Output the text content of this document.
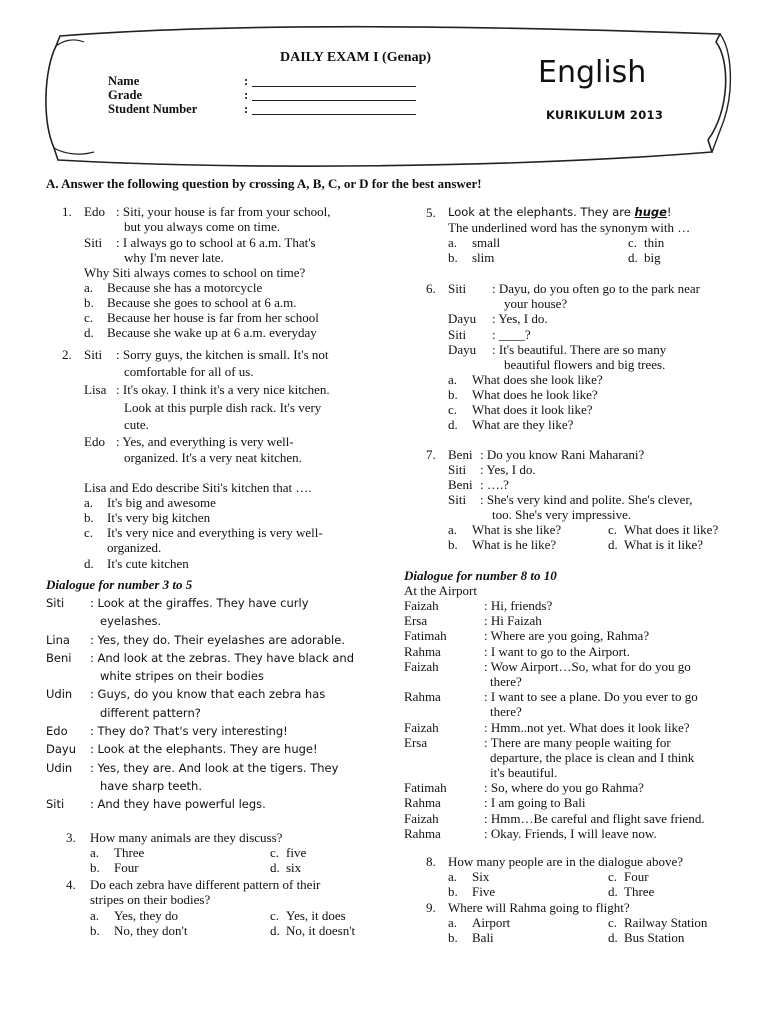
DAILY EXAM I (Genap)	English
KURIKULUM 2013
Name	:
Grade	:
Student Number	:
A. Answer the following question by crossing A, B, C, or D for the best answer!
1. Edo : Siti, your house is far from your school,
but you always come on time.
Siti : I always go to school at 6 a.m. That's
why I'm never late.
Why Siti always comes to school on time?
a. Because she has a motorcycle
b. Because she goes to school at 6 a.m.
c. Because her house is far from her school
d. Because she wake up at 6 a.m. everyday
2. Siti : Sorry guys, the kitchen is small. It's not
comfortable for all of us.
Lisa : It's okay. I think it's a very nice kitchen.
Look at this purple dish rack. It's very
cute.
Edo : Yes, and everything is very well-
organized. It's a very neat kitchen.
Lisa and Edo describe Siti's kitchen that ….
a. It's big and awesome
b. It's very big kitchen
c. It's very nice and everything is very well-
organized.
d. It's cute kitchen
Dialogue for number 3 to 5
Siti : Look at the giraffes. They have curly
eyelashes.
Lina : Yes, they do. Their eyelashes are adorable.
Beni : And look at the zebras. They have black and
white stripes on their bodies
Udin : Guys, do you know that each zebra has
different pattern?
Edo : They do? That's very interesting!
Dayu : Look at the elephants. They are huge!
Udin : Yes, they are. And look at the tigers. They
have sharp teeth.
Siti : And they have powerful legs.
3. How many animals are they discuss?
a. Three	c. five
b. Four	d. six
4. Do each zebra have different pattern of their
stripes on their bodies?
a. Yes, they do	c. Yes, it does
b. No, they don't	d. No, it doesn't
5. Look at the elephants. They are huge!
The underlined word has the synonym with …
a. small	c. thin
b. slim	d. big
6. Siti : Dayu, do you often go to the park near
your house?
Dayu : Yes, I do.
Siti : ____?
Dayu : It's beautiful. There are so many
beautiful flowers and big trees.
a. What does she look like?
b. What does he look like?
c. What does it look like?
d. What are they like?
7. Beni : Do you know Rani Maharani?
Siti : Yes, I do.
Beni : ….?
Siti : She's very kind and polite. She's clever,
too. She's very impressive.
a. What is she like?	c. What does it like?
b. What is he like?	d. What is it like?
Dialogue for number 8 to 10
At the Airport
Faizah	: Hi, friends?
Ersa	: Hi Faizah
Fatimah	: Where are you going, Rahma?
Rahma	: I want to go to the Airport.
Faizah	: Wow Airport…So, what for do you go
there?
Rahma	: I want to see a plane. Do you ever to go
there?
Faizah	: Hmm..not yet. What does it look like?
Ersa	: There are many people waiting for
departure, the place is clean and I think
it's beautiful.
Fatimah	: So, where do you go Rahma?
Rahma	: I am going to Bali
Faizah	: Hmm…Be careful and flight save friend.
Rahma	: Okay. Friends, I will leave now.
8. How many people are in the dialogue above?
a. Six	c. Four
b. Five	d. Three
9. Where will Rahma going to flight?
a. Airport	c. Railway Station
b. Bali	d. Bus Station
